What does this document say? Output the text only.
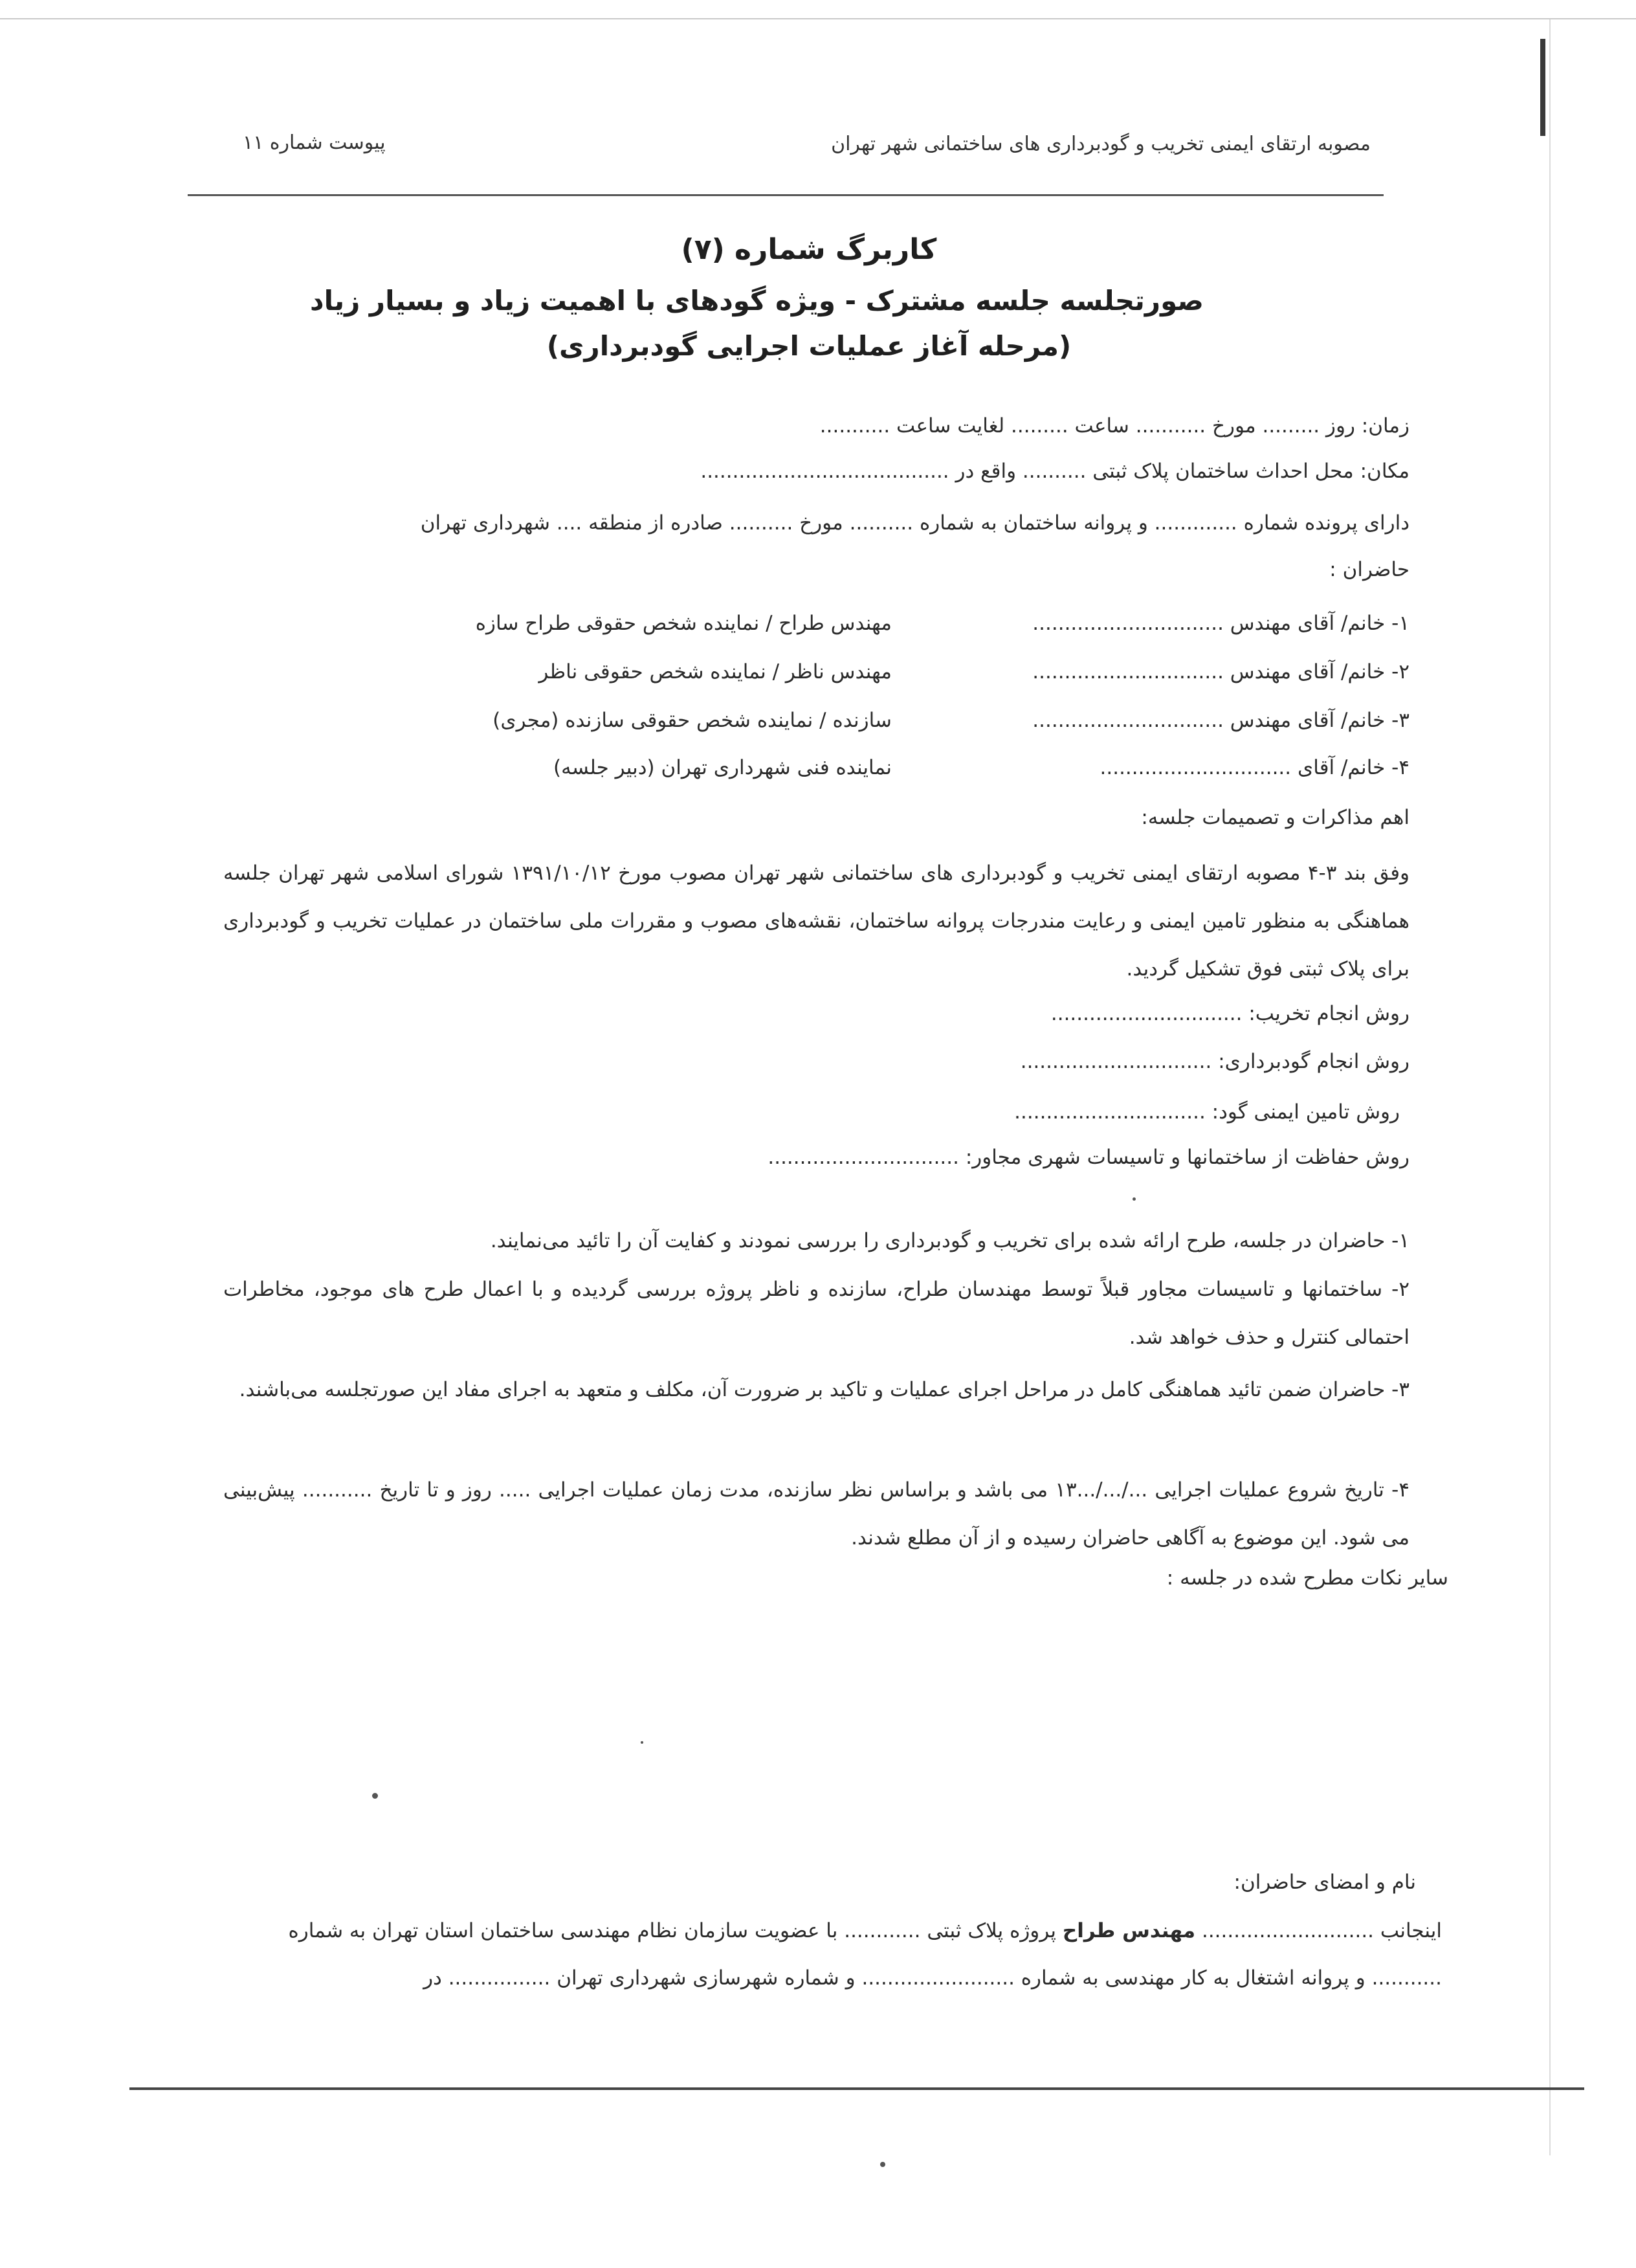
مصوبه ارتقای ایمنی تخریب و گودبرداری های ساختمانی شهر تهران
پیوست شماره ۱۱
کاربرگ شماره (۷)
صورتجلسه جلسه مشترک - ویژه گودهای با اهمیت زیاد و بسیار زیاد
(مرحله آغاز عملیات اجرایی گودبرداری)
زمان: روز ......... مورخ ........... ساعت ......... لغایت ساعت ...........
مکان: محل احداث ساختمان پلاک ثبتی .......... واقع در .......................................
دارای پرونده شماره ............. و پروانه ساختمان به شماره .......... مورخ .......... صادره از منطقه .... شهرداری تهران
حاضران :
۱- خانم/ آقای مهندس ..............................
مهندس طراح / نماینده شخص حقوقی طراح سازه
۲- خانم/ آقای مهندس ..............................
مهندس ناظر / نماینده شخص حقوقی ناظر
۳- خانم/ آقای مهندس ..............................
سازنده / نماینده شخص حقوقی سازنده (مجری)
۴- خانم/ آقای ..............................
نماینده فنی شهرداری تهران (دبیر جلسه)
اهم مذاکرات و تصمیمات جلسه:
وفق بند ۳-۴ مصوبه ارتقای ایمنی تخریب و گودبرداری های ساختمانی شهر تهران مصوب مورخ ۱۳۹۱/۱۰/۱۲ شورای اسلامی شهر تهران جلسه هماهنگی به منظور تامین ایمنی و رعایت مندرجات پروانه ساختمان، نقشه‌های مصوب و مقررات ملی ساختمان در عملیات تخریب و گودبرداری برای پلاک ثبتی فوق تشکیل گردید.
روش انجام تخریب: ..............................
روش انجام گودبرداری: ..............................
روش تامین ایمنی گود: ..............................
روش حفاظت از ساختمانها و تاسیسات شهری مجاور: ..............................
۱- حاضران در جلسه، طرح ارائه شده برای تخریب و گودبرداری را بررسی نمودند و کفایت آن را تائید می‌نمایند.
۲- ساختمانها و تاسیسات مجاور قبلاً توسط مهندسان طراح، سازنده و ناظر پروژه بررسی گردیده و با اعمال طرح های موجود، مخاطرات احتمالی کنترل و حذف خواهد شد.
۳- حاضران ضمن تائید هماهنگی کامل در مراحل اجرای عملیات و تاکید بر ضرورت آن، مکلف و متعهد به اجرای مفاد این صورتجلسه می‌باشند.
۴- تاریخ شروع عملیات اجرایی .../.../...۱۳ می باشد و براساس نظر سازنده، مدت زمان عملیات اجرایی ..... روز و تا تاریخ ........... پیش‌بینی می شود. این موضوع به آگاهی حاضران رسیده و از آن مطلع شدند.
سایر نکات مطرح شده در جلسه :
نام و امضای حاضران:
اینجانب ........................... مهندس طراح پروژه پلاک ثبتی ............ با عضویت سازمان نظام مهندسی ساختمان استان تهران به شماره
........... و پروانه اشتغال به کار مهندسی به شماره ........................ و شماره شهرسازی شهرداری تهران ................ در
